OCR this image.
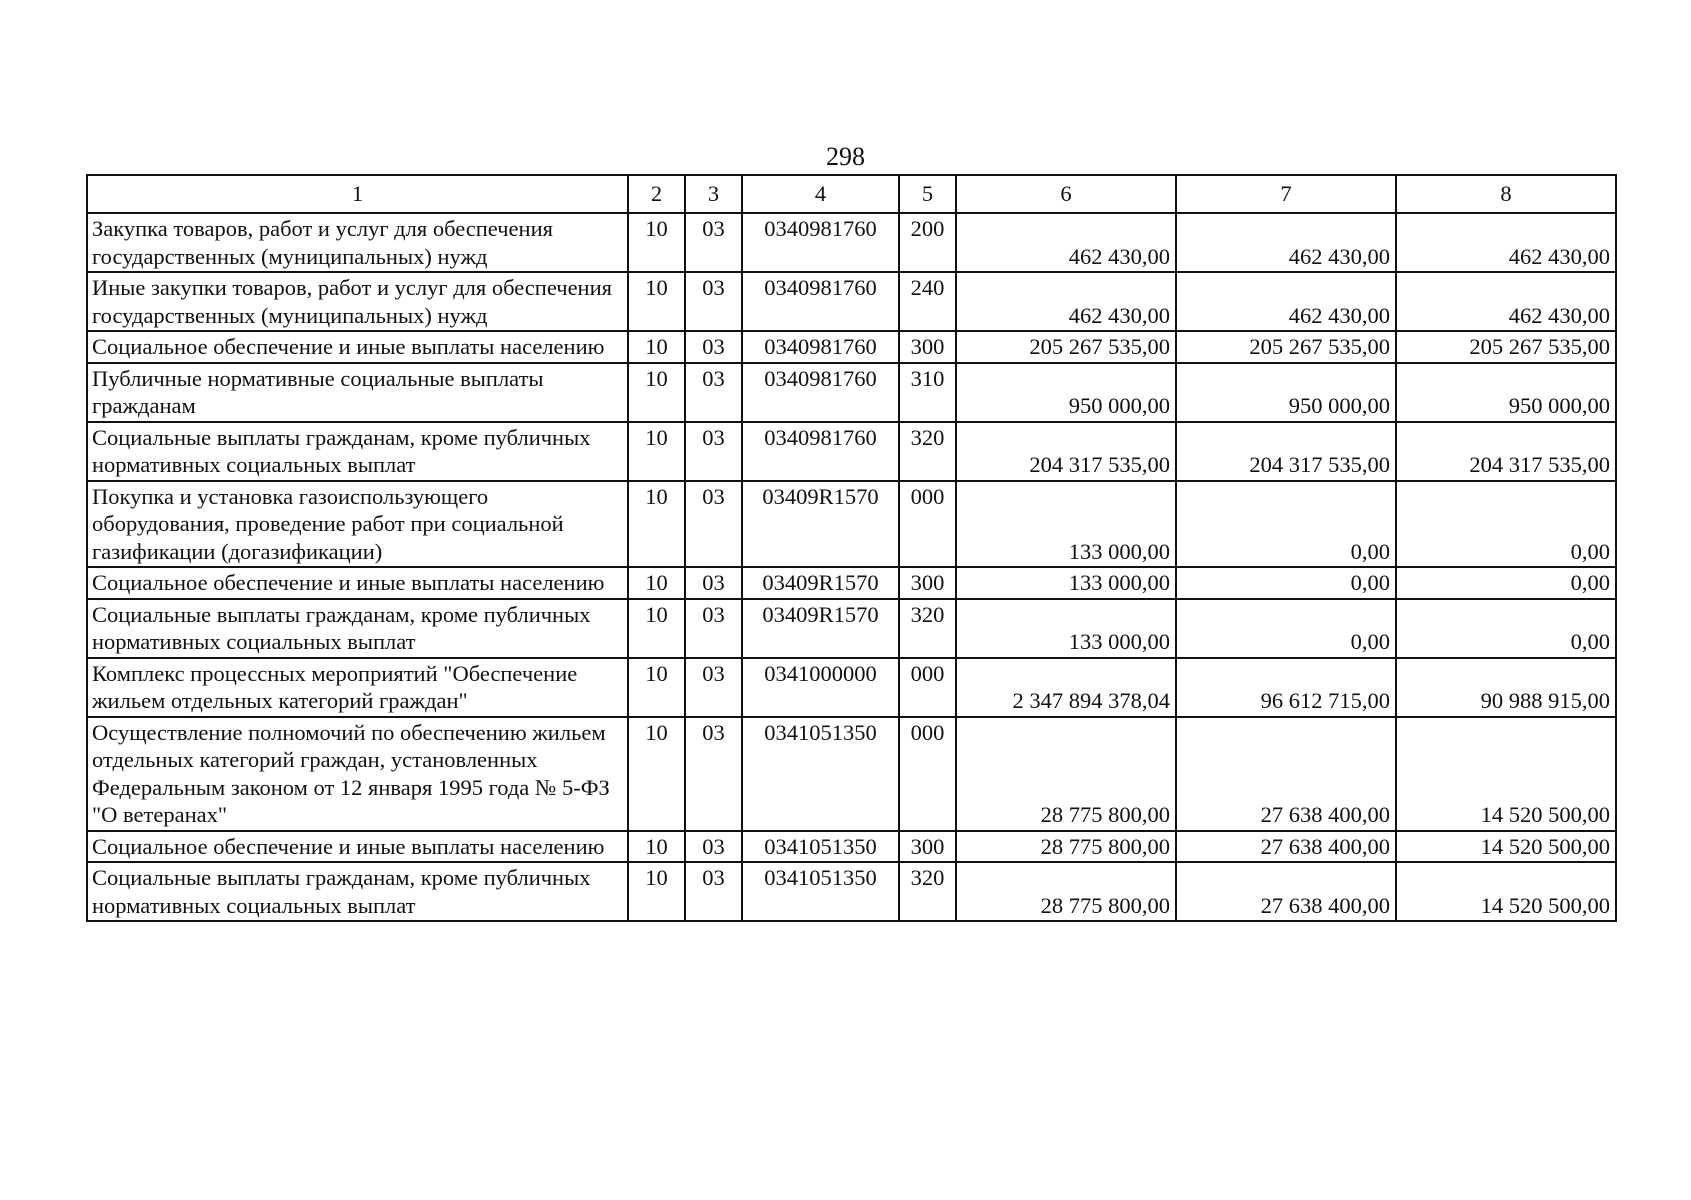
298
1	2	3	4	5	6	7	8
Закупка товаров, работ и услуг для обеспечения государственных (муниципальных) нужд	10	03	0340981760	200	462 430,00	462 430,00	462 430,00
Иные закупки товаров, работ и услуг для обеспечения государственных (муниципальных) нужд	10	03	0340981760	240	462 430,00	462 430,00	462 430,00
Социальное обеспечение и иные выплаты населению	10	03	0340981760	300	205 267 535,00	205 267 535,00	205 267 535,00
Публичные нормативные социальные выплаты гражданам	10	03	0340981760	310	950 000,00	950 000,00	950 000,00
Социальные выплаты гражданам, кроме публичных нормативных социальных выплат	10	03	0340981760	320	204 317 535,00	204 317 535,00	204 317 535,00
Покупка и установка газоиспользующего оборудования, проведение работ при социальной газификации (догазификации)	10	03	03409R1570	000	133 000,00	0,00	0,00
Социальное обеспечение и иные выплаты населению	10	03	03409R1570	300	133 000,00	0,00	0,00
Социальные выплаты гражданам, кроме публичных нормативных социальных выплат	10	03	03409R1570	320	133 000,00	0,00	0,00
Комплекс процессных мероприятий "Обеспечение жильем отдельных категорий граждан"	10	03	0341000000	000	2 347 894 378,04	96 612 715,00	90 988 915,00
Осуществление полномочий по обеспечению жильем отдельных категорий граждан, установленных Федеральным законом от 12 января 1995 года № 5-ФЗ "О ветеранах"	10	03	0341051350	000	28 775 800,00	27 638 400,00	14 520 500,00
Социальное обеспечение и иные выплаты населению	10	03	0341051350	300	28 775 800,00	27 638 400,00	14 520 500,00
Социальные выплаты гражданам, кроме публичных нормативных социальных выплат	10	03	0341051350	320	28 775 800,00	27 638 400,00	14 520 500,00
